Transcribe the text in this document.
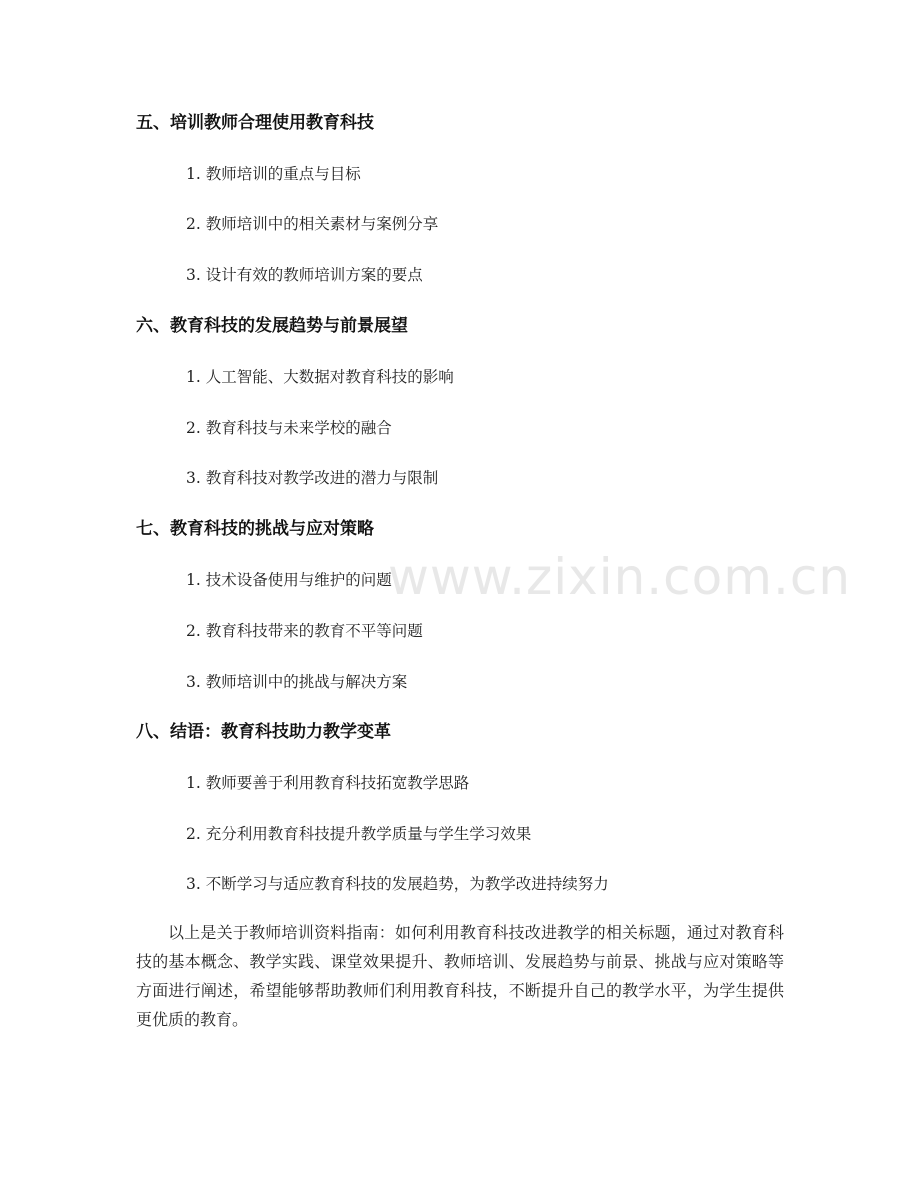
www.zixin.com.cn
五、培训教师合理使用教育科技
1. 教师培训的重点与目标
2. 教师培训中的相关素材与案例分享
3. 设计有效的教师培训方案的要点
六、教育科技的发展趋势与前景展望
1. 人工智能、大数据对教育科技的影响
2. 教育科技与未来学校的融合
3. 教育科技对教学改进的潜力与限制
七、教育科技的挑战与应对策略
1. 技术设备使用与维护的问题
2. 教育科技带来的教育不平等问题
3. 教师培训中的挑战与解决方案
八、结语：教育科技助力教学变革
1. 教师要善于利用教育科技拓宽教学思路
2. 充分利用教育科技提升教学质量与学生学习效果
3. 不断学习与适应教育科技的发展趋势，为教学改进持续努力
以上是关于教师培训资料指南：如何利用教育科技改进教学的相关标题，通过对教育科技的基本概念、教学实践、课堂效果提升、教师培训、发展趋势与前景、挑战与应对策略等方面进行阐述，希望能够帮助教师们利用教育科技，不断提升自己的教学水平，为学生提供更优质的教育。
